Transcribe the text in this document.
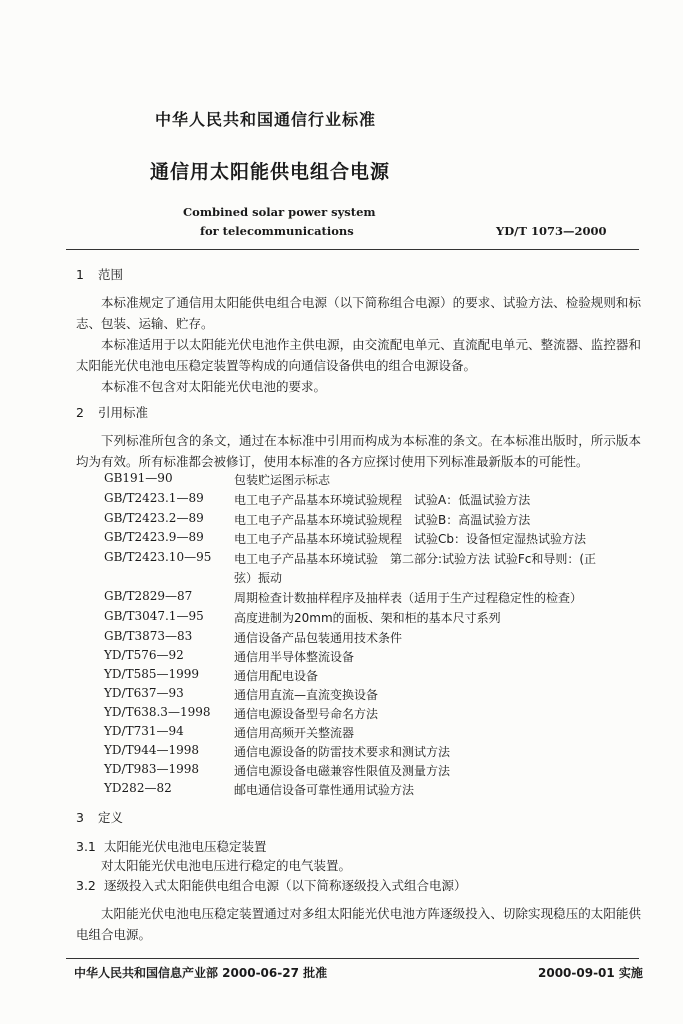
中华人民共和国通信行业标准
通信用太阳能供电组合电源
Combined solar power system
for telecommunications	YD/T 1073—2000
1 范围
本标准规定了通信用太阳能供电组合电源（以下简称组合电源）的要求、试验方法、检验规则和标志、包装、运输、贮存。
本标准适用于以太阳能光伏电池作主供电源，由交流配电单元、直流配电单元、整流器、监控器和太阳能光伏电池电压稳定装置等构成的向通信设备供电的组合电源设备。
本标准不包含对太阳能光伏电池的要求。
2 引用标准
下列标准所包含的条文，通过在本标准中引用而构成为本标准的条文。在本标准出版时，所示版本均为有效。所有标准都会被修订，使用本标准的各方应探讨使用下列标准最新版本的可能性。
GB191—90	包装贮运图示标志
GB/T2423.1—89	电工电子产品基本环境试验规程　试验A：低温试验方法
GB/T2423.2—89	电工电子产品基本环境试验规程　试验B：高温试验方法
GB/T2423.9—89	电工电子产品基本环境试验规程　试验Cb：设备恒定湿热试验方法
GB/T2423.10—95 电工电子产品基本环境试验　第二部分:试验方法 试验Fc和导则：(正
弦）振动
GB/T2829—87	周期检查计数抽样程序及抽样表（适用于生产过程稳定性的检查）
GB/T3047.1—95	高度进制为20mm的面板、架和柜的基本尺寸系列
GB/T3873—83	通信设备产品包装通用技术条件
YD/T576—92	通信用半导体整流设备
YD/T585—1999	通信用配电设备
YD/T637—93	通信用直流—直流变换设备
YD/T638.3—1998 通信电源设备型号命名方法
YD/T731—94	通信用高频开关整流器
YD/T944—1998	通信电源设备的防雷技术要求和测试方法
YD/T983—1998	通信电源设备电磁兼容性限值及测量方法
YD282—82	邮电通信设备可靠性通用试验方法
3 定义
3.1 太阳能光伏电池电压稳定装置
对太阳能光伏电池电压进行稳定的电气装置。
3.2 逐级投入式太阳能供电组合电源（以下简称逐级投入式组合电源）
太阳能光伏电池电压稳定装置通过对多组太阳能光伏电池方阵逐级投入、切除实现稳压的太阳能供电组合电源。
中华人民共和国信息产业部 2000-06-27 批准	2000-09-01 实施
